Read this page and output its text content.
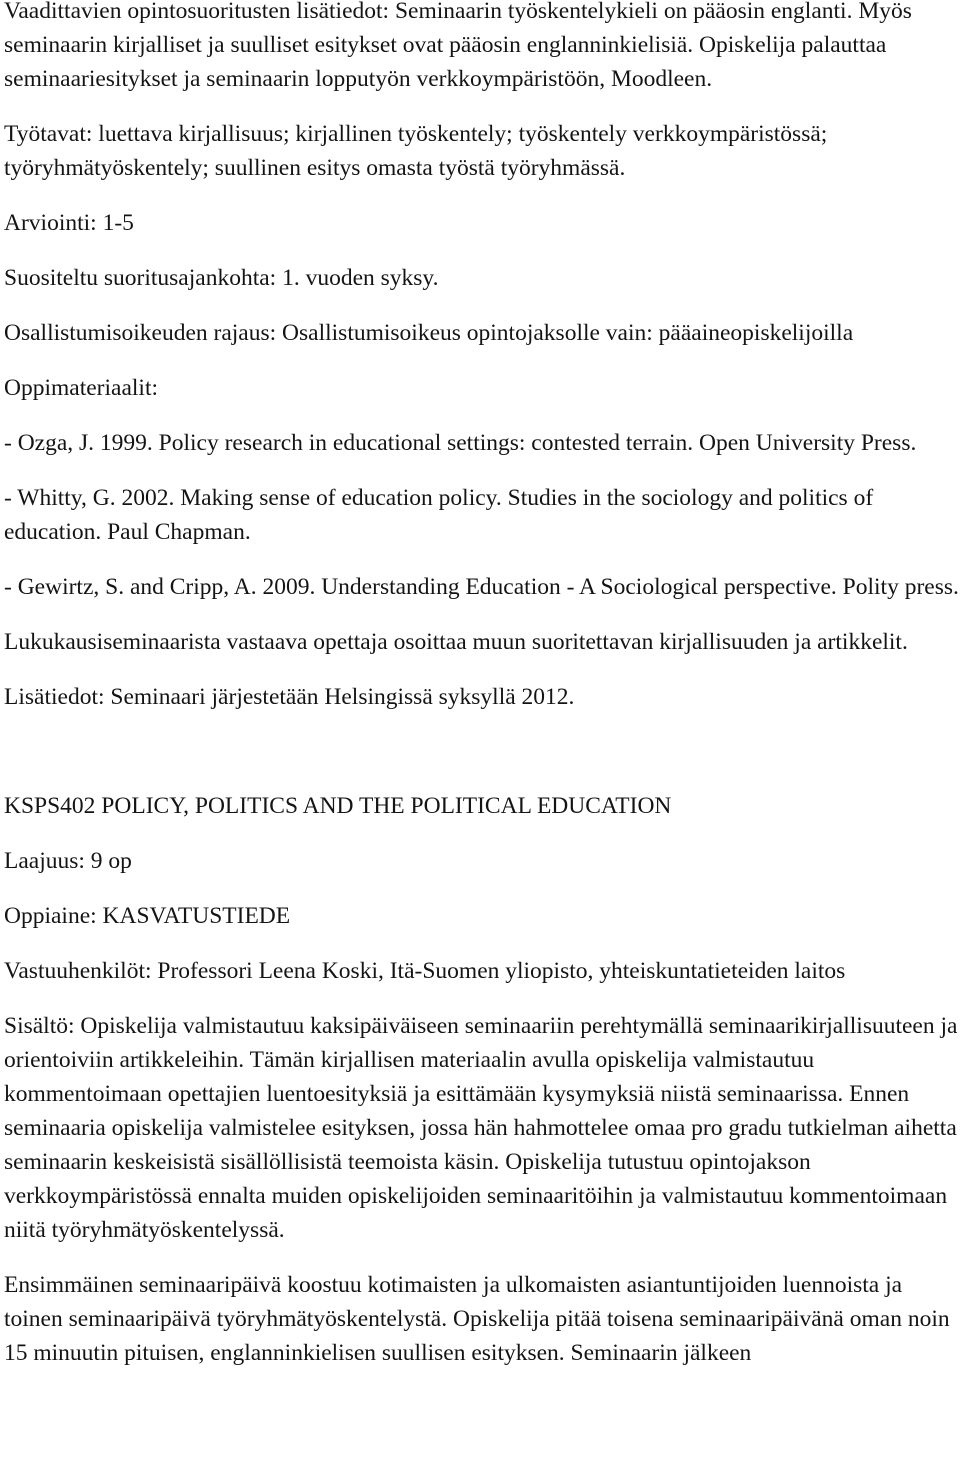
Vaadittavien opintosuoritusten lisätiedot: Seminaarin työskentelykieli on pääosin englanti. Myös seminaarin kirjalliset ja suulliset esitykset ovat pääosin englanninkielisiä. Opiskelija palauttaa seminaariesitykset ja seminaarin lopputyön verkkoympäristöön, Moodleen.

Työtavat: luettava kirjallisuus; kirjallinen työskentely; työskentely verkkoympäristössä; työryhmätyöskentely; suullinen esitys omasta työstä työryhmässä.

Arviointi: 1-5

Suositeltu suoritusajankohta: 1. vuoden syksy.

Osallistumisoikeuden rajaus: Osallistumisoikeus opintojaksolle vain: pääaineopiskelijoilla

Oppimateriaalit:

- Ozga, J. 1999. Policy research in educational settings: contested terrain. Open University Press.

- Whitty, G. 2002. Making sense of education policy. Studies in the sociology and politics of education. Paul Chapman.

- Gewirtz, S. and Cripp, A. 2009. Understanding Education - A Sociological perspective. Polity press.

Lukukausiseminaarista vastaava opettaja osoittaa muun suoritettavan kirjallisuuden ja artikkelit.

Lisätiedot: Seminaari järjestetään Helsingissä syksyllä 2012.

KSPS402 POLICY, POLITICS AND THE POLITICAL EDUCATION

Laajuus: 9 op

Oppiaine: KASVATUSTIEDE

Vastuuhenkilöt: Professori Leena Koski, Itä-Suomen yliopisto, yhteiskuntatieteiden laitos

Sisältö: Opiskelija valmistautuu kaksipäiväiseen seminaariin perehtymällä seminaarikirjallisuuteen ja orientoiviin artikkeleihin. Tämän kirjallisen materiaalin avulla opiskelija valmistautuu kommentoimaan opettajien luentoesityksiä ja esittämään kysymyksiä niistä seminaarissa. Ennen seminaaria opiskelija valmistelee esityksen, jossa hän hahmottelee omaa pro gradu tutkielman aihetta seminaarin keskeisistä sisällöllisistä teemoista käsin. Opiskelija tutustuu opintojakson verkkoympäristössä ennalta muiden opiskelijoiden seminaaritöihin ja valmistautuu kommentoimaan niitä työryhmätyöskentelyssä.

Ensimmäinen seminaaripäivä koostuu kotimaisten ja ulkomaisten asiantuntijoiden luennoista ja toinen seminaaripäivä työryhmätyöskentelystä. Opiskelija pitää toisena seminaaripäivänä oman noin 15 minuutin pituisen, englanninkielisen suullisen esityksen. Seminaarin jälkeen
